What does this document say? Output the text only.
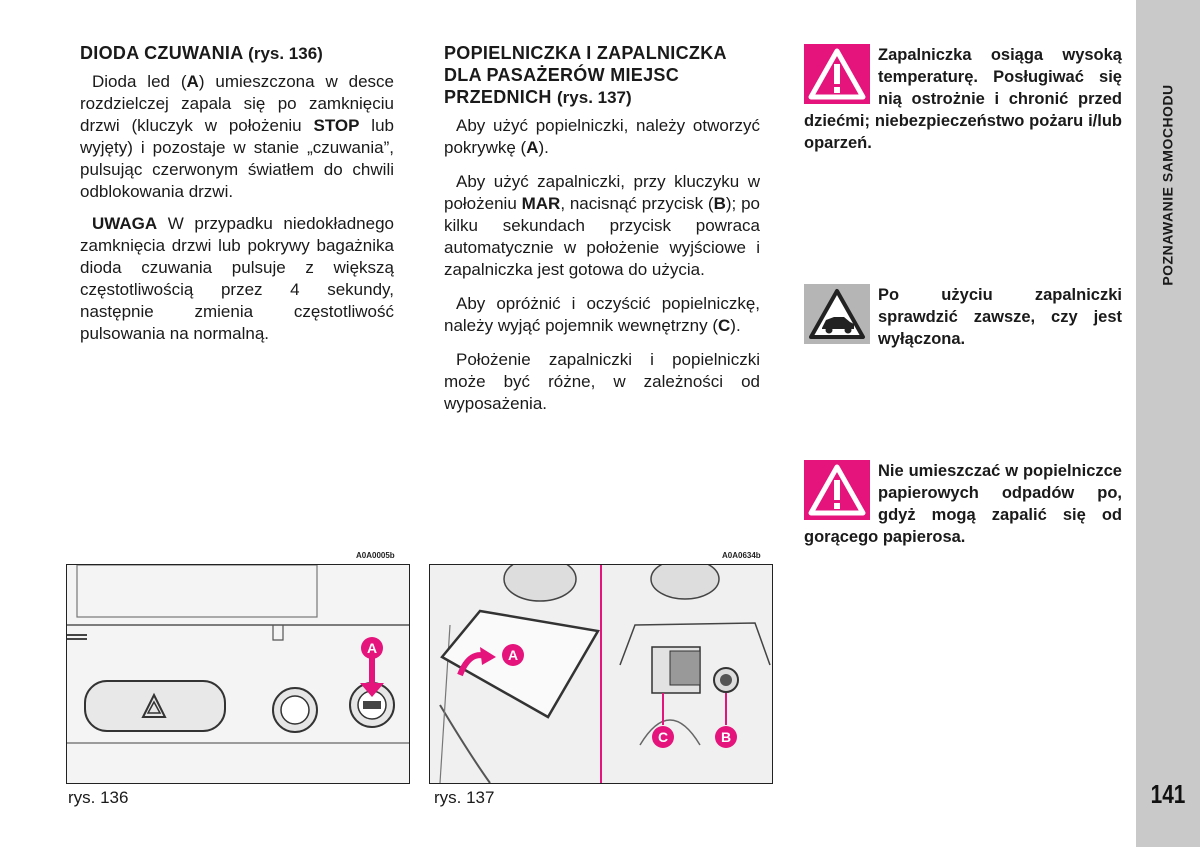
POZNAWANIE SAMOCHODU
141
DIODA CZUWANIA (rys. 136)
Dioda led (A) umieszczona w desce rozdzielczej zapala się po zamknięciu drzwi (kluczyk w położeniu STOP lub wyjęty) i pozostaje w stanie „czuwania”, pulsując czerwonym światłem do chwili odblokowania drzwi.
UWAGA W przypadku niedokładnego zamknięcia drzwi lub pokrywy bagażnika dioda czuwania pulsuje z większą częstotliwością przez 4 sekundy, następnie zmienia częstotliwość pulsowania na normalną.
POPIELNICZKA I ZAPALNICZKA DLA PASAŻERÓW MIEJSC PRZEDNICH (rys. 137)
Aby użyć popielniczki, należy otworzyć pokrywkę (A).
Aby użyć zapalniczki, przy kluczyku w położeniu MAR, nacisnąć przycisk (B); po kilku sekundach przycisk powraca automatycznie w położenie wyjściowe i zapalniczka jest gotowa do użycia.
Aby opróżnić i oczyścić popielniczkę, należy wyjąć pojemnik wewnętrzny (C).
Położenie zapalniczki i popielniczki może być różne, w zależności od wyposażenia.
Zapalniczka osiąga wysoką temperaturę. Posługiwać się nią ostrożnie i chronić przed dziećmi; niebezpieczeństwo pożaru i/lub oparzeń.
Po użyciu zapalniczki sprawdzić zawsze, czy jest wyłączona.
Nie umieszczać w popielniczce papierowych odpadów po, gdyż mogą zapalić się od gorącego papierosa.
A0A0005b
A
rys. 136
A0A0634b
A
C	B
rys. 137
